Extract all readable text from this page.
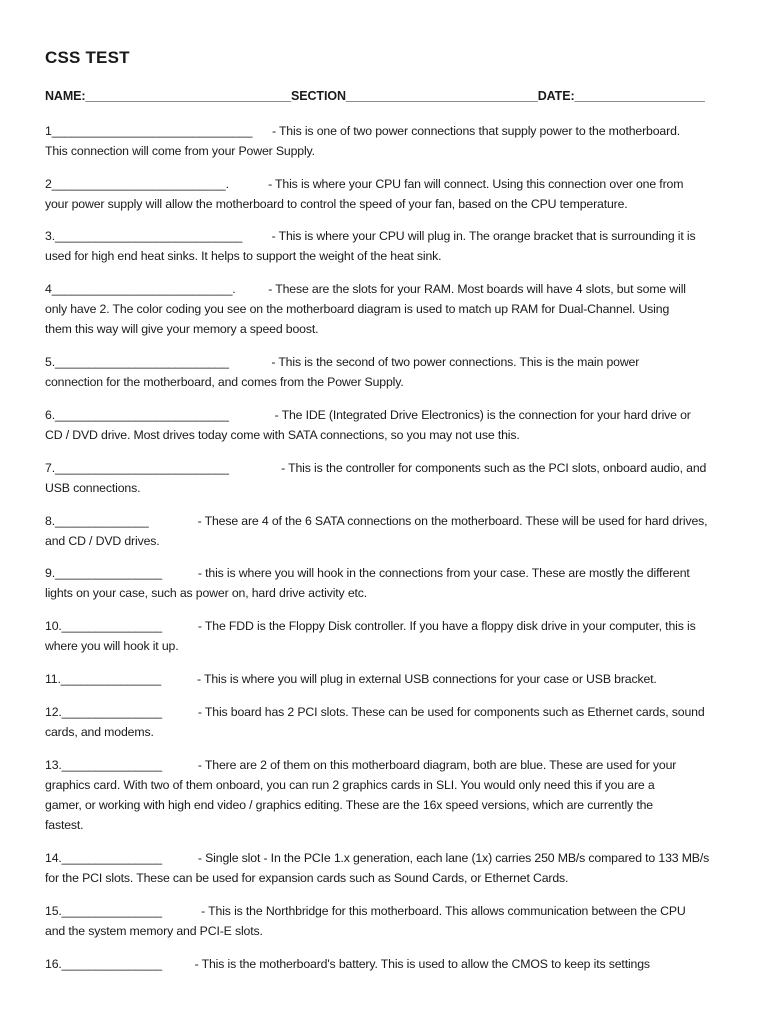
CSS TEST
NAME:______________________________SECTION____________________________DATE:___________________
1______________________________      - This is one of two power connections that supply power to the motherboard.
This connection will come from your Power Supply.
2__________________________.            - This is where your CPU fan will connect. Using this connection over one from
your power supply will allow the motherboard to control the speed of your fan, based on the CPU temperature.
3.____________________________         - This is where your CPU will plug in. The orange bracket that is surrounding it is
used for high end heat sinks. It helps to support the weight of the heat sink.
4___________________________.          - These are the slots for your RAM. Most boards will have 4 slots, but some will
only have 2. The color coding you see on the motherboard diagram is used to match up RAM for Dual-Channel. Using
them this way will give your memory a speed boost.
5.__________________________             - This is the second of two power connections. This is the main power
connection for the motherboard, and comes from the Power Supply.
6.__________________________              - The IDE (Integrated Drive Electronics) is the connection for your hard drive or
CD / DVD drive. Most drives today come with SATA connections, so you may not use this.
7.__________________________                - This is the controller for components such as the PCI slots, onboard audio, and
USB connections.
8.______________               - These are 4 of the 6 SATA connections on the motherboard. These will be used for hard drives,
and CD / DVD drives.
9.________________           - this is where you will hook in the connections from your case. These are mostly the different
lights on your case, such as power on, hard drive activity etc.
10._______________           - The FDD is the Floppy Disk controller. If you have a floppy disk drive in your computer, this is
where you will hook it up.
11._______________           - This is where you will plug in external USB connections for your case or USB bracket.
12._______________           - This board has 2 PCI slots. These can be used for components such as Ethernet cards, sound
cards, and modems.
13._______________           - There are 2 of them on this motherboard diagram, both are blue. These are used for your
graphics card. With two of them onboard, you can run 2 graphics cards in SLI. You would only need this if you are a
gamer, or working with high end video / graphics editing. These are the 16x speed versions, which are currently the
fastest.
14._______________           - Single slot - In the PCIe 1.x generation, each lane (1x) carries 250 MB/s compared to 133 MB/s
for the PCI slots. These can be used for expansion cards such as Sound Cards, or Ethernet Cards.
15._______________            - This is the Northbridge for this motherboard. This allows communication between the CPU
and the system memory and PCI-E slots.
16._______________          - This is the motherboard's battery. This is used to allow the CMOS to keep its settings
